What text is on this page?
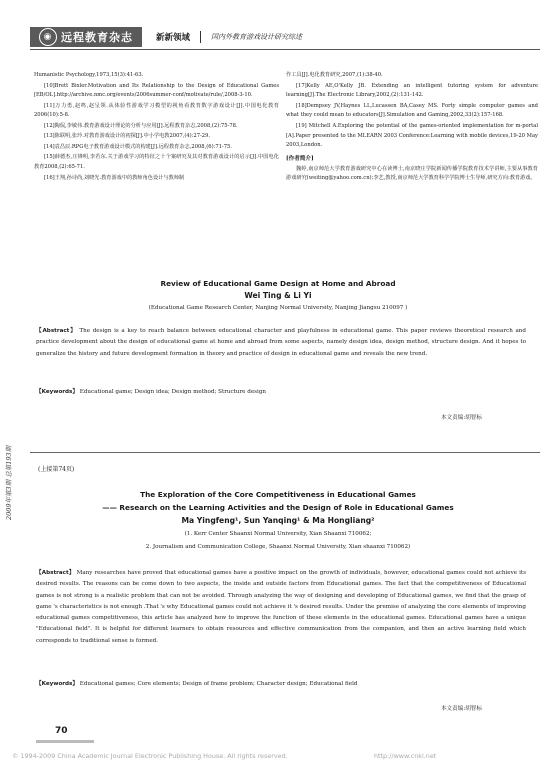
◉ 远程教育杂志	新新领域	国内外教育游戏设计研究综述
2009年第3期 总第193期

Humanistic Psychology,1973,15(3):41-63.

[10]Brett Bixler.Motivation and Its Relationship to the Design of Educational Games [EB/OL].http://archive.nmc.org/events/2006summer-conf/motivate/rule/,2008-3-10.

[11]万力勇,赵鸣,赵呈领.从体验性游戏学习模型的视角看教育数字游戏设计[J].中国电化教育2006(10):5-8.

[12]陶侃,李敏伟.教育游戏设计理论的分析与应用[J].远程教育杂志,2008,(2):75-78.

[13]陈联明,张玲.对教育游戏设计的初探[J].中小学电教2007,(4):27-29.

[14]袁昌辰.RPG电子教育游戏设计模式的构建[J].远程教育杂志,2008,(6):71-75.

[15]薛德杰,庄锋明,李若东.关于游戏学习的特征之十个案研究及其对教育游戏设计的启示[J].中国电化教育2008,(2):65-71.

[16]王翔,孙诗尚,刘晓光.教育游戏中的教师角色设计与教师制

作工具[J].电化教育研究,2007,(1):38-40.

[17]Kelly AE,O'Kelly JB. Extending an intelligent tutoring system for adventure learning[J].The Electronic Library,2002,(2):131-142.

[18]Dempsey JV,Haynes LL,Lucassen BA,Casey MS. Forty simple computer games and what they could mean to educators[J].Simulation and Gaming,2002,33(2):157-168.

[19] Mitchell A.Exploring the potential of the games-oriented implementation for m-portal [A].Paper presented to the MLEARN 2003 Conference:Learning with mobile devices,19-20 May 2003,London.

[作者简介]

魏婷,南京师范大学教育游戏研究中心在读博士,南京晓庄学院新闻传播学院教育技术学讲师,主要从事教育游戏研究(weiting@yahoo.com.cn);李艺,教授,南京师范大学教育科学学院博士生导师,研究方向:教育游戏。

Review of Educational Game Design at Home and Abroad
Wei Ting & Li Yi
(Educational Game Research Center, Nanjing Normal University, Nanjing Jiangsu 210097 )
【Abstract】 The design is a key to reach balance between educational character and playfulness in educational game. This paper reviews theoretical research and practice development about the design of educational game at home and abroad from some aspects, namely design idea, design method, structure design. And it hopes to generalize the history and future development formation in theory and practice of design in educational game and reveals the new trend.
【Keywords】 Educational game; Design idea; Design method; Structure design
本文责编:胡智标
(上接第74页)
The Exploration of the Core Competitiveness in Educational Games
—— Research on the Learning Activities and the Design of Role in Educational Games
Ma Yingfeng¹, Sun Yanqing¹ & Ma Hongliang²
(1. Kerr Center Shaanxi Normal University, Xian Shaanxi 710062;
2. Journalism and Communication College, Shaanxi Normal University, Xian shaanxi 710062)
【Abstract】 Many researches have proved that educational games have a positive impact on the growth of individuals, however, educational games could not achieve its desired results. The reasons can be come down to two aspects, the inside and outside factors from Educational games. The fact that the competitiveness of Educational games is not strong is a realistic problem that can not be avoided. Through analyzing the way of designing and developing of Educational games, we find that the grasp of game 's characteristics is not enough .That 's why Educational games could not achieve it 's desired results. Under the premise of analyzing the core elements of improving educational games competitiveness, this article has analyzed how to improve the function of these elements in the educational games. Educational games have a unique "Educational field". It is helpful for different learners to obtain resources and effective communication from the companion, and then an active learning field which corresponds to traditional sense is formed.
【Keywords】 Educational games; Core elements; Design of frame problem; Character design; Educational field
本文责编:胡智标
70
© 1994-2009 China Academic Journal Electronic Publishing House. All rights reserved.	http://www.cnki.net
